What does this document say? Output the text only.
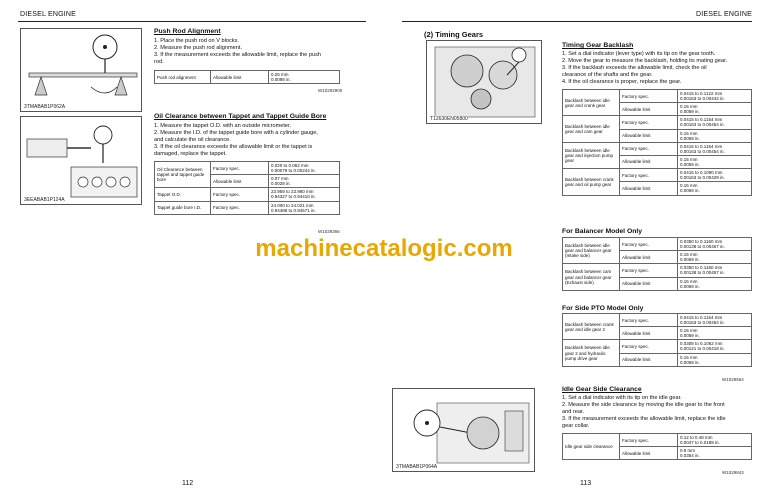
DIESEL ENGINE
3TMABAB1P062A
3EEABAB1P124A
Push Rod Alignment

1. Place the push rod on V blocks.

2. Measure the push rod alignment.

3. If the measurement exceeds the allowable limit, replace the push

rod.

Push rod alignment	Allowable limit	0.25 mm
0.0098 in.
W10292900
Oil Clearance between Tappet and Tappet Guide Bore

1. Measure the tappet O.D. with an outside micrometer.

2. Measure the I.D. of the tappet guide bore with a cylinder gauge,

and calculate the oil clearance.

3. If the oil clearance exceeds the allowable limit or the tappet is

damaged, replace the tappet.

Oil Clearance between tappet and tappet guide bore	Factory spec.	0.020 to 0.062 mm
0.00079 to 0.00244 in.
	Allowable limit	0.07 mm
0.0028 in.
Tappet O.D.	Factory spec.	23.959 to 23.980 mm
0.94327 to 0.94410 in.
Tappet guide bore I.D.	Factory spec.	24.000 to 24.021 mm
0.94488 to 0.94571 in.
W1029366
112
DIESEL ENGINE
T12630EN05800
3TMABAB1P064A
Timing Gear Backlash

1. Set a dial indicator (lever type) with its tip on the gear tooth.

2. Move the gear to measure the backlash, holding its mating gear.

3. If the backlash exceeds the allowable limit, check the oil

clearance of the shafts and the gear.

4. If the oil clearance is proper, replace the gear.

Backlash between idle gear and crank gear	Factory spec.	0.0415 to 0.1122 mm
0.00163 to 0.00442 in.
	Allowable limit	0.15 mm
0.0059 in.
Backlash between idle gear and cam gear	Factory spec.	0.0415 to 0.1154 mm
0.00163 to 0.00454 in.
	Allowable limit	0.15 mm
0.0059 in.
Backlash between idle gear and injection pump gear	Factory spec.	0.0415 to 0.1154 mm
0.00163 to 0.00454 in.
	Allowable limit	0.15 mm
0.0059 in.
Backlash between crank gear and oil pump gear	Factory spec.	0.0415 to 0.1090 mm
0.00163 to 0.00429 in.
	Allowable limit	0.15 mm
0.0059 in.
For Balancer Model Only
Backlash between idle gear and balancer gear (Intake side)	Factory spec.	0.0350 to 0.1160 mm
0.00138 to 0.00457 in.
	Allowable limit	0.15 mm
0.0059 in.
Backlash between cam gear and balancer gear (Exhaust side)	Factory spec.	0.0350 to 0.1160 mm
0.00138 to 0.00457 in.
	Allowable limit	0.15 mm
0.0059 in.
For Side PTO Model Only
Backlash between crank gear and idle gear 2	Factory spec.	0.0415 to 0.1154 mm
0.00163 to 0.00454 in.
	Allowable limit	0.15 mm
0.0059 in.
Backlash between idle gear 2 and hydraulic pump drive gear	Factory spec.	0.0308 to 0.1062 mm
0.00121 to 0.00418 in.
	Allowable limit	0.15 mm
0.0059 in.
W1029564
Idle Gear Side Clearance

1. Set a dial indicator with its tip on the idle gear.

2. Measure the side clearance by moving the idle gear to the front

and rear.

3. If the measurement exceeds the allowable limit, replace the idle

gear collar.

Idle gear side clearance	Factory spec.	0.12 to 0.48 mm
0.0047 to 0.0189 in.
	Allowable limit	0.9 mm
0.0354 in.
W1029843
113
(2) Timing Gears
machinecatalogic.com
